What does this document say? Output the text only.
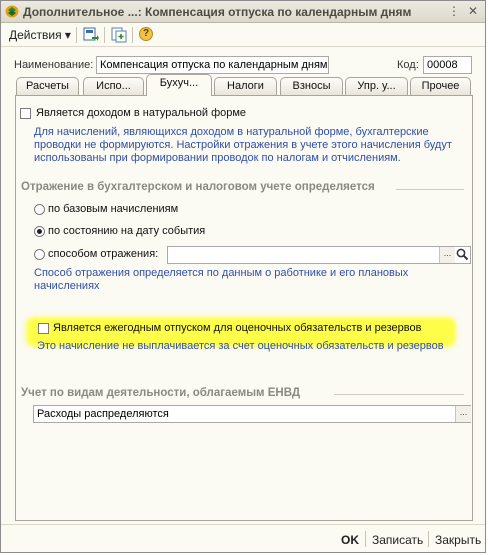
Дополнительное ...: Компенсация отпуска по календарным дням	⋮ ✕
Действия ▾	?
Наименование: Компенсация отпуска по календарным дням	Код: 00008
Расчеты	Испо...	Бухуч...	Налоги	Взносы	Упр. у...	Прочее
Является доходом в натуральной форме
Для начислений, являющихся доходом в натуральной форме, бухгалтерские проводки не формируются. Настройки отражения в учете этого начисления будут использованы при формировании проводок по налогам и отчислениям.
Отражение в бухгалтерском и налоговом учете определяется
по базовым начислениям
по состоянию на дату события
способом отражения:	...
Способ отражения определяется по данным о работнике и его плановых начислениях
Является ежегодным отпуском для оценочных обязательств и резервов
Это начисление не выплачивается за счет оценочных обязательств и резервов
Учет по видам деятельности, облагаемым ЕНВД
Расходы распределяются	...
OK Записать Закрыть
